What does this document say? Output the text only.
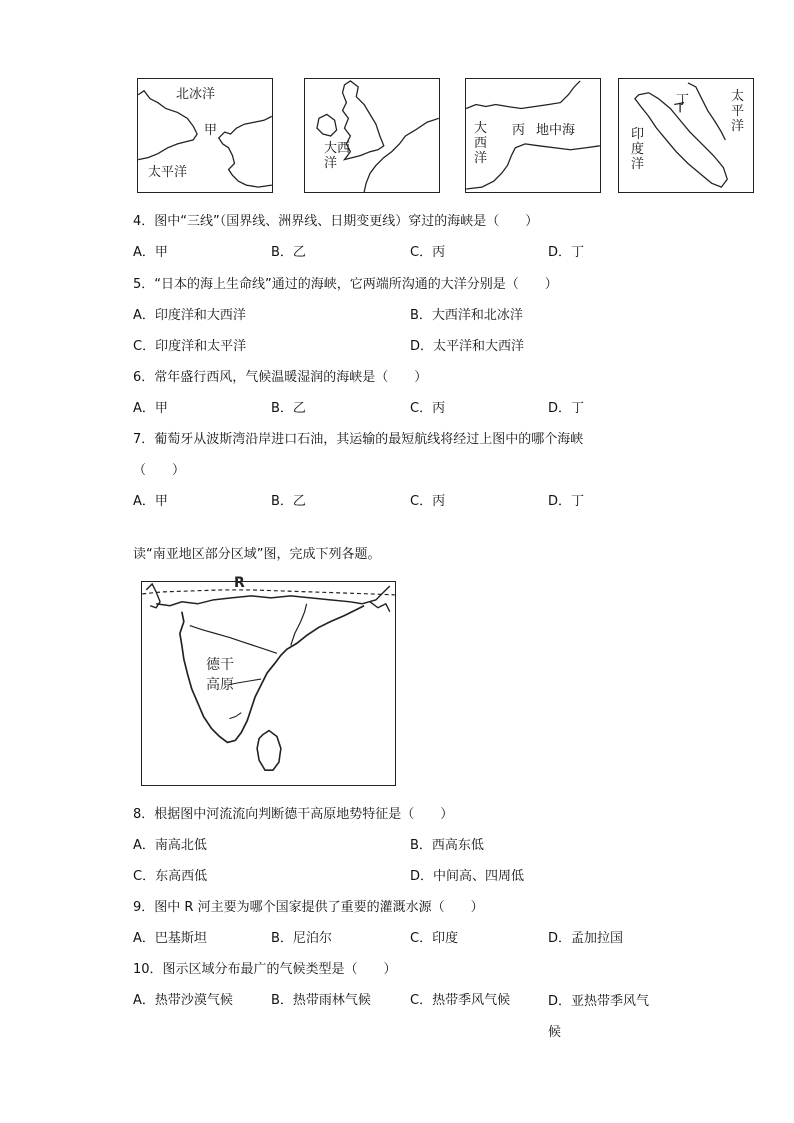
北冰洋
甲
太平洋
大西洋
大西洋
丙 地中海
太平洋
丁
印度洋
4．图中“三线”（国界线、洲界线、日期变更线）穿过的海峡是（　　）
A．甲	B．乙	C．丙	D．丁
5．“日本的海上生命线”通过的海峡，它两端所沟通的大洋分别是（　　）
A．印度洋和大西洋	B．大西洋和北冰洋
C．印度洋和太平洋	D．太平洋和大西洋
6．常年盛行西风，气候温暖湿润的海峡是（　　）
A．甲	B．乙	C．丙	D．丁
7．葡萄牙从波斯湾沿岸进口石油，其运输的最短航线将经过上图中的哪个海峡
（　　）
A．甲	B．乙	C．丙	D．丁
读“南亚地区部分区域”图，完成下列各题。
R
德干
高原
8．根据图中河流流向判断德干高原地势特征是（　　）
A．南高北低	B．西高东低
C．东高西低	D．中间高、四周低
9．图中 R 河主要为哪个国家提供了重要的灌溉水源（　　）
A．巴基斯坦	B．尼泊尔	C．印度	D．孟加拉国
10．图示区域分布最广的气候类型是（　　）
A．热带沙漠气候	B．热带雨林气候	C．热带季风气候	D．亚热带季风气候
